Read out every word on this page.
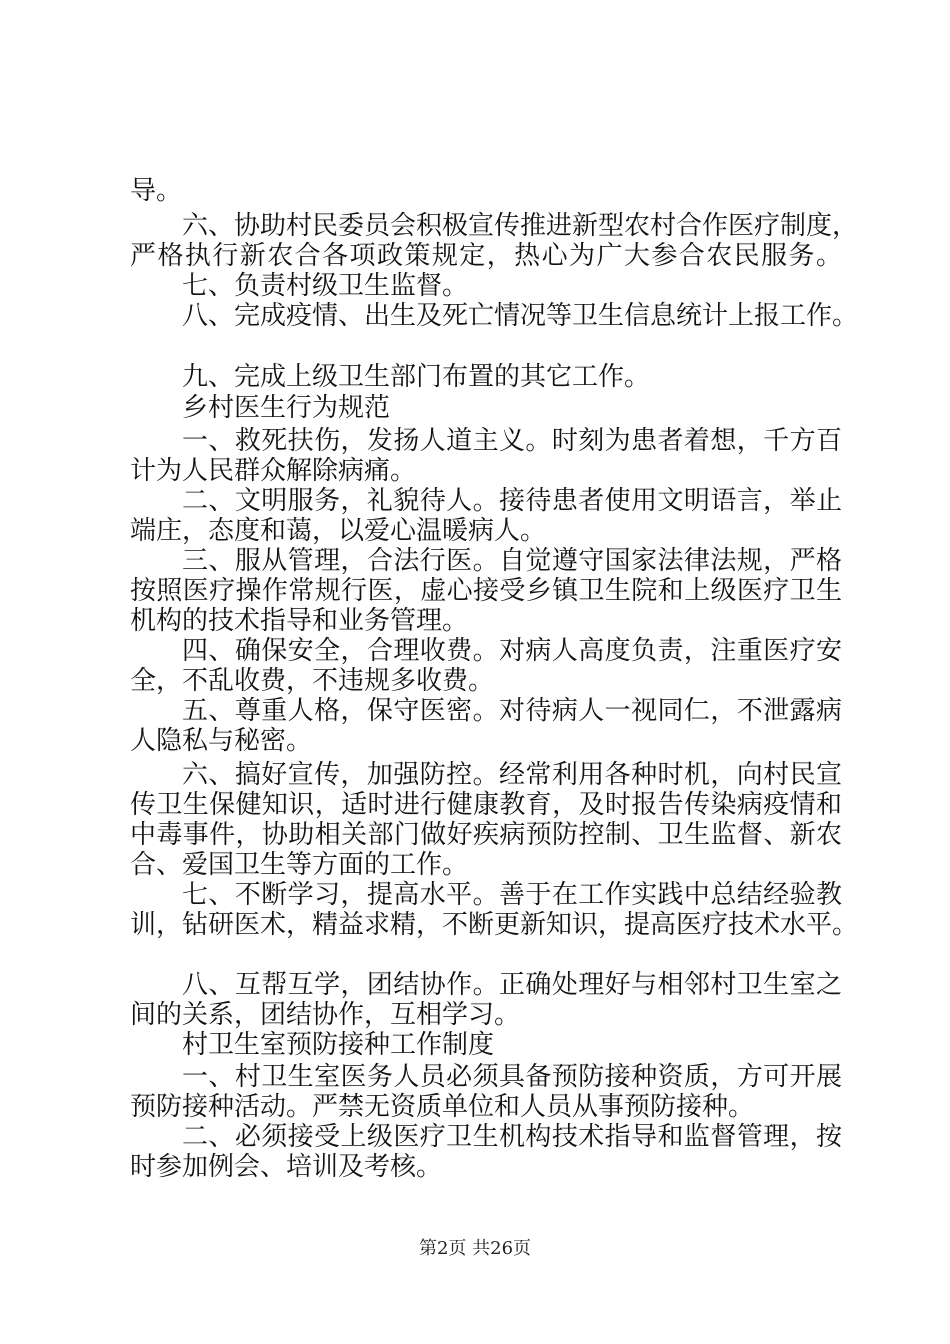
导。
六、协助村民委员会积极宣传推进新型农村合作医疗制度，
严格执行新农合各项政策规定，热心为广大参合农民服务。
七、负责村级卫生监督。
八、完成疫情、出生及死亡情况等卫生信息统计上报工作。
九、完成上级卫生部门布置的其它工作。
乡村医生行为规范
一、救死扶伤，发扬人道主义。时刻为患者着想，千方百
计为人民群众解除病痛。
二、文明服务，礼貌待人。接待患者使用文明语言，举止
端庄，态度和蔼，以爱心温暖病人。
三、服从管理，合法行医。自觉遵守国家法律法规，严格
按照医疗操作常规行医，虚心接受乡镇卫生院和上级医疗卫生
机构的技术指导和业务管理。
四、确保安全，合理收费。对病人高度负责，注重医疗安
全，不乱收费，不违规多收费。
五、尊重人格，保守医密。对待病人一视同仁，不泄露病
人隐私与秘密。
六、搞好宣传，加强防控。经常利用各种时机，向村民宣
传卫生保健知识，适时进行健康教育，及时报告传染病疫情和
中毒事件，协助相关部门做好疾病预防控制、卫生监督、新农
合、爱国卫生等方面的工作。
七、不断学习，提高水平。善于在工作实践中总结经验教
训，钻研医术，精益求精，不断更新知识，提高医疗技术水平。
八、互帮互学，团结协作。正确处理好与相邻村卫生室之
间的关系，团结协作，互相学习。
村卫生室预防接种工作制度
一、村卫生室医务人员必须具备预防接种资质，方可开展
预防接种活动。严禁无资质单位和人员从事预防接种。
二、必须接受上级医疗卫生机构技术指导和监督管理，按
时参加例会、培训及考核。
第2页 共26页
